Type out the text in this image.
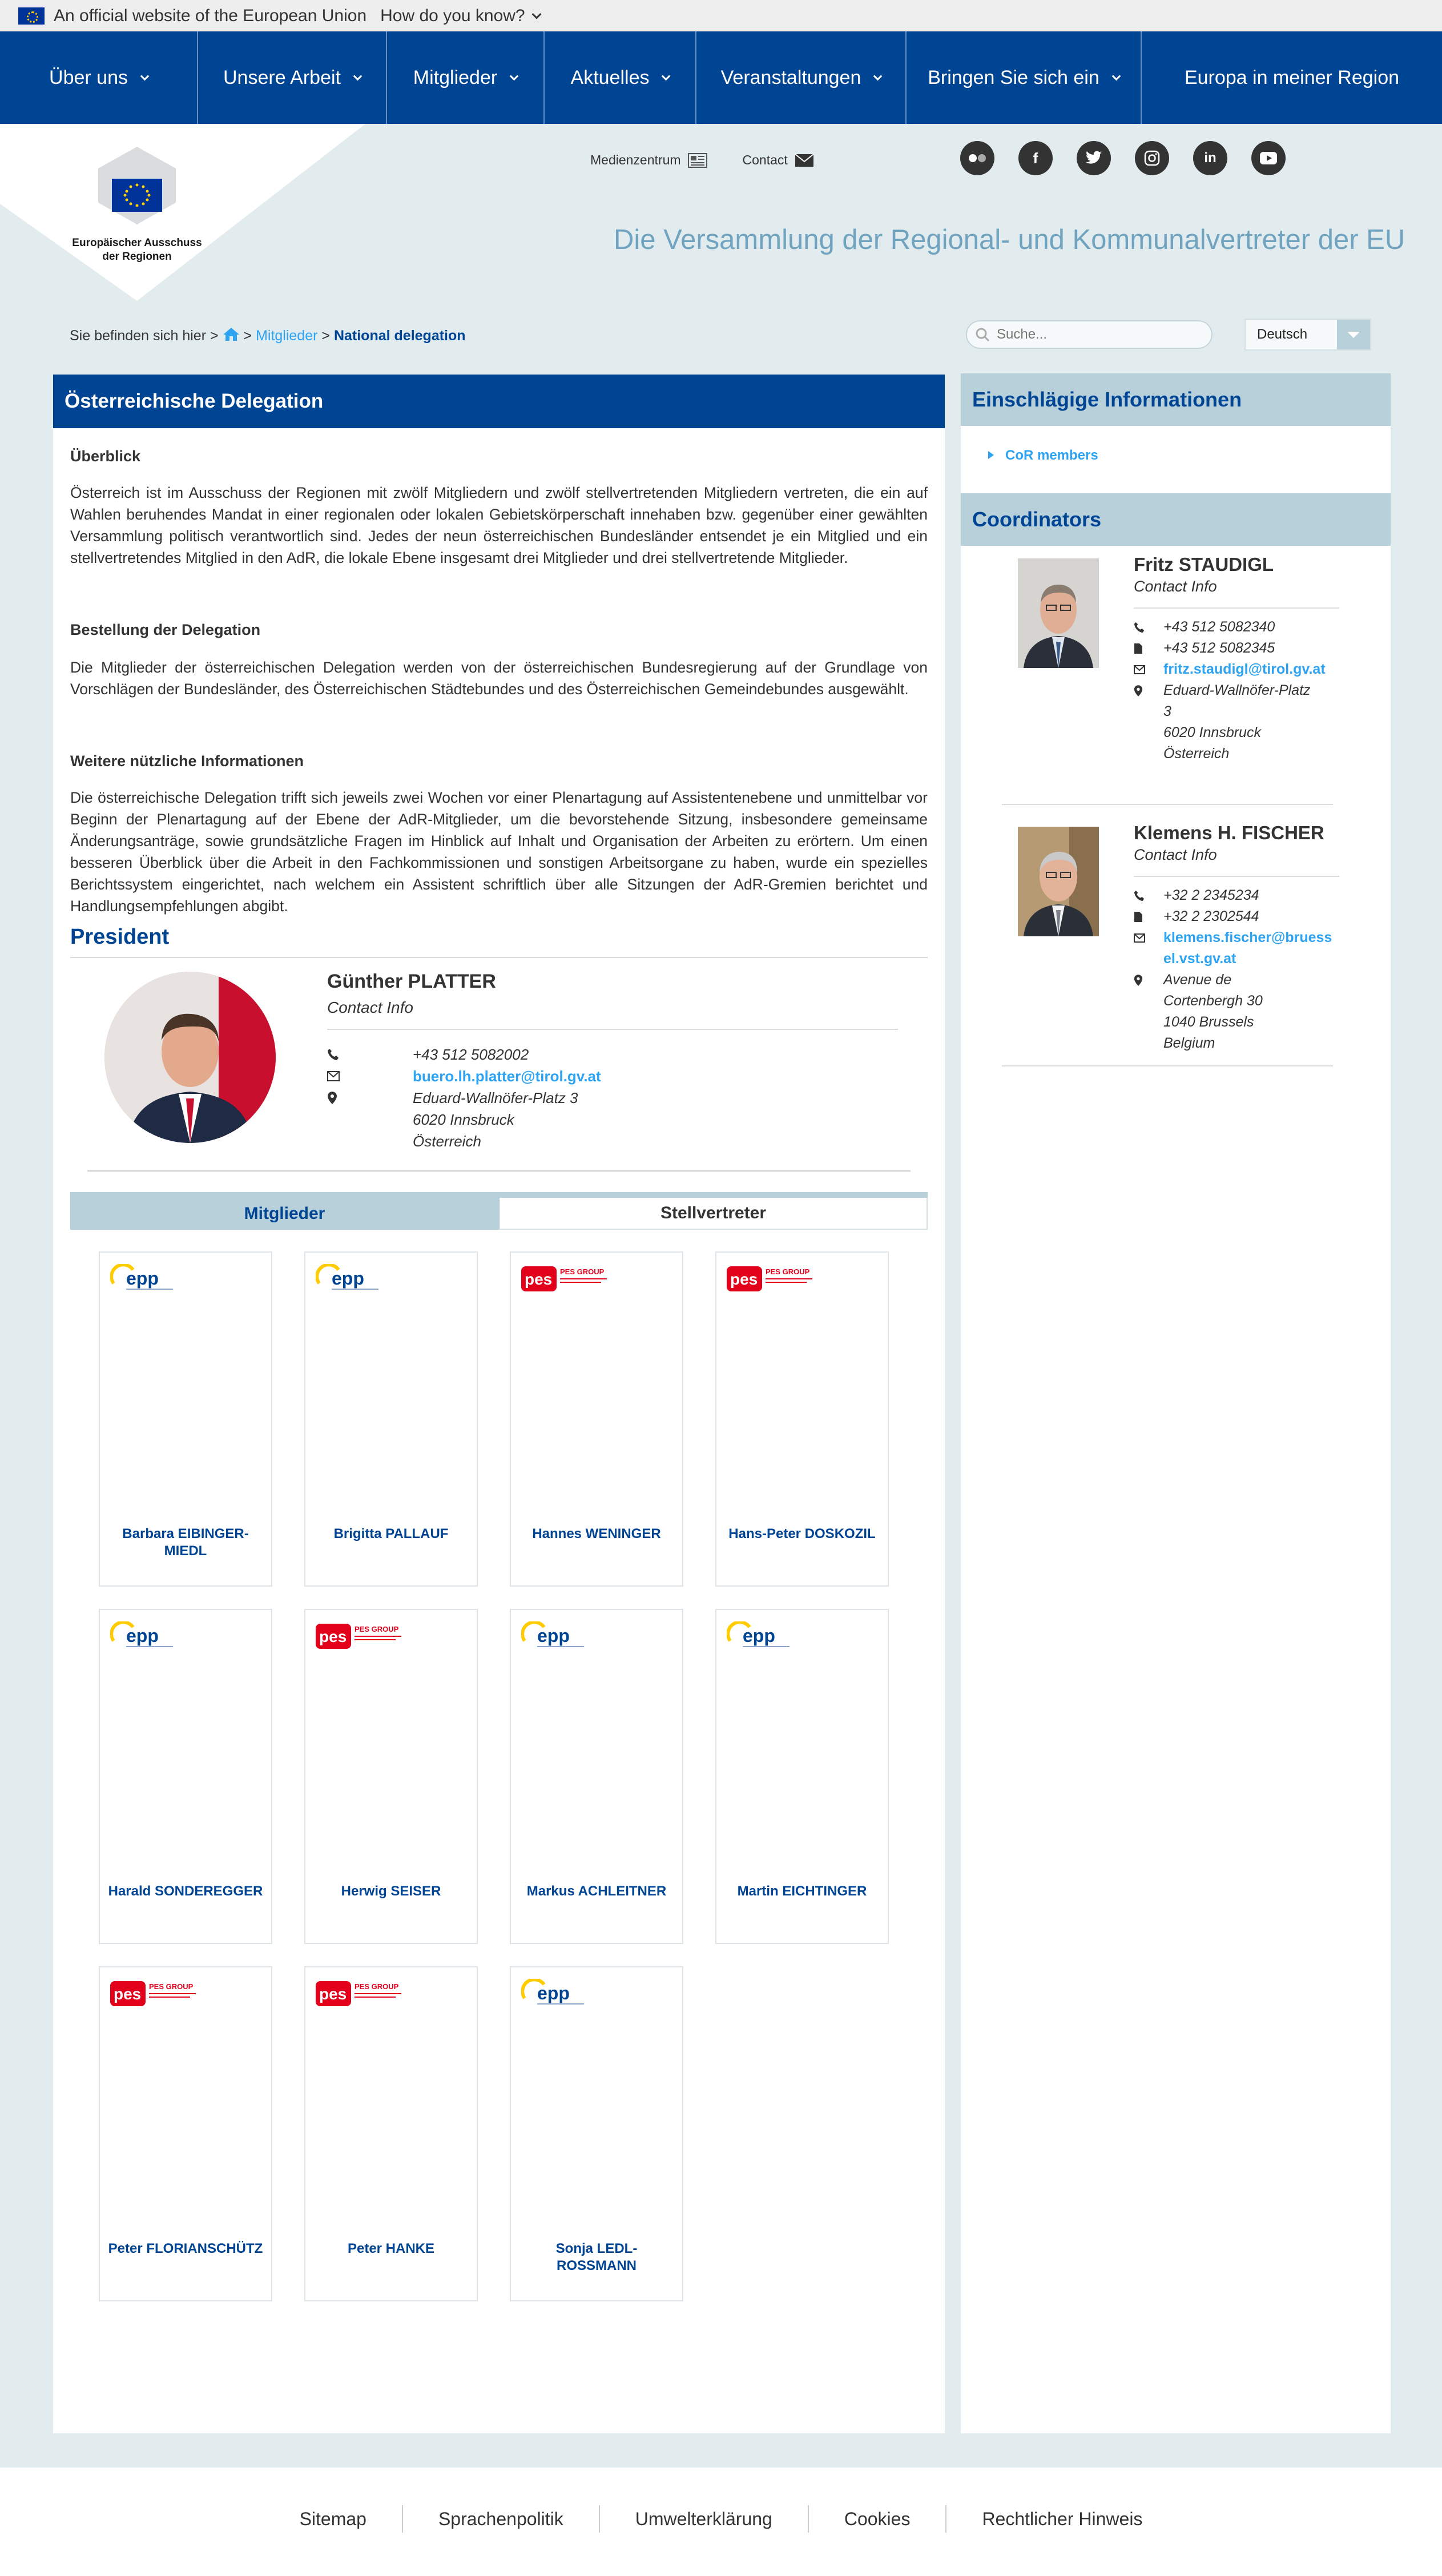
An official website of the European Union How do you know?
Über uns	Unsere Arbeit	Mitglieder	Aktuelles	Veranstaltungen	Bringen Sie sich ein	Europa in meiner Region
Europäischer Ausschuss
der Regionen
Medienzentrum	Contact	f	in
Die Versammlung der Regional- und Kommunalvertreter der EU
Sie befinden sich hier > > Mitglieder > National delegation
Suche...	Deutsch
Österreichische Delegation
Überblick

Österreich ist im Ausschuss der Regionen mit zwölf Mitgliedern und zwölf stellvertretenden Mitgliedern vertreten, die ein auf Wahlen beruhendes Mandat in einer regionalen oder lokalen Gebietskörperschaft innehaben bzw. gegenüber einer gewählten Versammlung politisch verantwortlich sind. Jedes der neun österreichischen Bundesländer entsendet je ein Mitglied und ein stellvertretendes Mitglied in den AdR, die lokale Ebene insgesamt drei Mitglieder und drei stellvertretende Mitglieder.

Bestellung der Delegation

Die Mitglieder der österreichischen Delegation werden von der österreichischen Bundesregierung auf der Grundlage von Vorschlägen der Bundesländer, des Österreichischen Städtebundes und des Österreichischen Gemeindebundes ausgewählt.

Weitere nützliche Informationen

Die österreichische Delegation trifft sich jeweils zwei Wochen vor einer Plenartagung auf Assistentenebene und unmittelbar vor Beginn der Plenartagung auf der Ebene der AdR-Mitglieder, um die bevorstehende Sitzung, insbesondere gemeinsame Änderungsanträge, sowie grundsätzliche Fragen im Hinblick auf Inhalt und Organisation der Arbeiten zu erörtern. Um einen besseren Überblick über die Arbeit in den Fachkommissionen und sonstigen Arbeitsorgane zu haben, wurde ein spezielles Berichtssystem eingerichtet, nach welchem ein Assistent schriftlich über alle Sitzungen der AdR-Gremien berichtet und Handlungsempfehlungen abgibt.

President
Günther PLATTER
Contact Info
+43 512 5082002
buero.lh.platter@tirol.gv.at
Eduard-Wallnöfer-Platz 3
6020 Innsbruck
Österreich
Mitglieder	Stellvertreter
epp
Barbara EIBINGER-MIEDL
epp
Brigitta PALLAUF
pes PES GROUP
Hannes WENINGER
pes PES GROUP
Hans-Peter DOSKOZIL
epp
Harald SONDEREGGER
pes PES GROUP
Herwig SEISER
epp
Markus ACHLEITNER
epp
Martin EICHTINGER
pes PES GROUP
Peter FLORIANSCHÜTZ
pes PES GROUP
Peter HANKE
epp
Sonja LEDL-ROSSMANN
Einschlägige Informationen
CoR members
Coordinators
Fritz STAUDIGL
Contact Info
+43 512 5082340
+43 512 5082345
fritz.staudigl@tirol.gv.at
Eduard-Wallnöfer-Platz
3
6020 Innsbruck
Österreich
Klemens H. FISCHER
Contact Info
+32 2 2345234
+32 2 2302544
klemens.fischer@bruess
el.vst.gv.at
Avenue de
Cortenbergh 30
1040 Brussels
Belgium
Sitemap	Sprachenpolitik	Umwelterklärung	Cookies	Rechtlicher Hinweis
